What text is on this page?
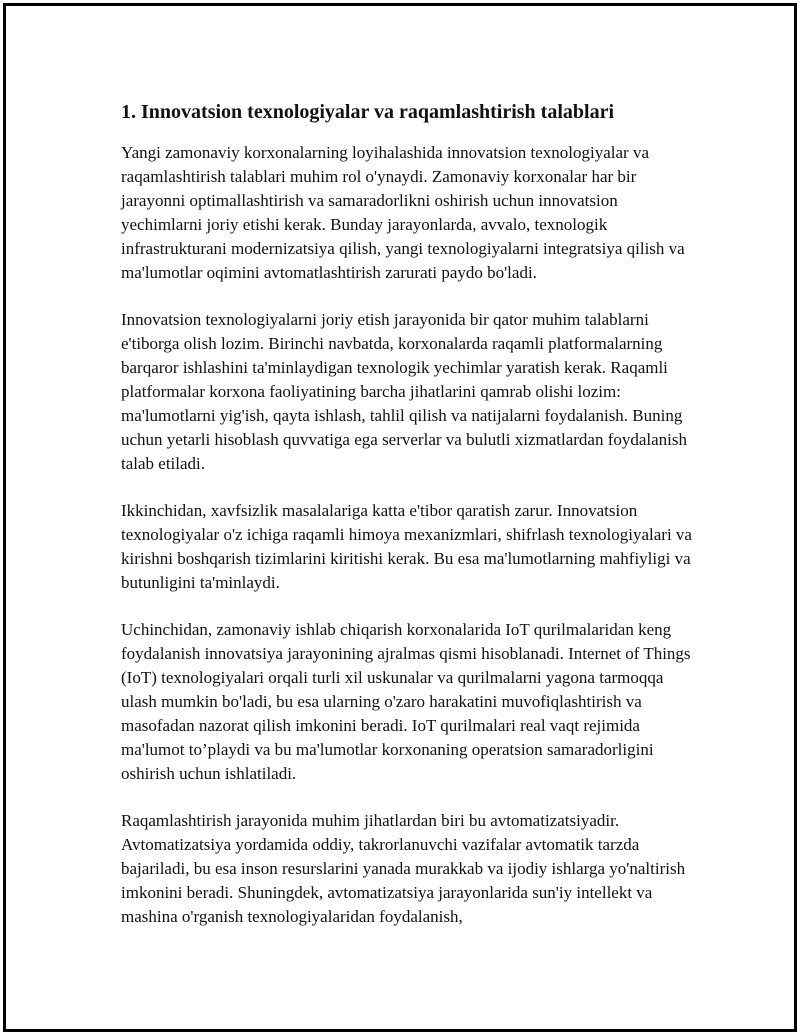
1. Innovatsion texnologiyalar va raqamlashtirish talablari

Yangi zamonaviy korxonalarning loyihalashida innovatsion texnologiyalar va raqamlashtirish talablari muhim rol o'ynaydi. Zamonaviy korxonalar har bir jarayonni optimallashtirish va samaradorlikni oshirish uchun innovatsion yechimlarni joriy etishi kerak. Bunday jarayonlarda, avvalo, texnologik infrastrukturani modernizatsiya qilish, yangi texnologiyalarni integratsiya qilish va ma'lumotlar oqimini avtomatlashtirish zarurati paydo bo'ladi.

Innovatsion texnologiyalarni joriy etish jarayonida bir qator muhim talablarni e'tiborga olish lozim. Birinchi navbatda, korxonalarda raqamli platformalarning barqaror ishlashini ta'minlaydigan texnologik yechimlar yaratish kerak. Raqamli platformalar korxona faoliyatining barcha jihatlarini qamrab olishi lozim: ma'lumotlarni yig'ish, qayta ishlash, tahlil qilish va natijalarni foydalanish. Buning uchun yetarli hisoblash quvvatiga ega serverlar va bulutli xizmatlardan foydalanish talab etiladi.

Ikkinchidan, xavfsizlik masalalariga katta e'tibor qaratish zarur. Innovatsion texnologiyalar o'z ichiga raqamli himoya mexanizmlari, shifrlash texnologiyalari va kirishni boshqarish tizimlarini kiritishi kerak. Bu esa ma'lumotlarning mahfiyligi va butunligini ta'minlaydi.

Uchinchidan, zamonaviy ishlab chiqarish korxonalarida IoT qurilmalaridan keng foydalanish innovatsiya jarayonining ajralmas qismi hisoblanadi. Internet of Things (IoT) texnologiyalari orqali turli xil uskunalar va qurilmalarni yagona tarmoqqa ulash mumkin bo'ladi, bu esa ularning o'zaro harakatini muvofiqlashtirish va masofadan nazorat qilish imkonini beradi. IoT qurilmalari real vaqt rejimida ma'lumot to’playdi va bu ma'lumotlar korxonaning operatsion samaradorligini oshirish uchun ishlatiladi.

Raqamlashtirish jarayonida muhim jihatlardan biri bu avtomatizatsiyadir. Avtomatizatsiya yordamida oddiy, takrorlanuvchi vazifalar avtomatik tarzda bajariladi, bu esa inson resurslarini yanada murakkab va ijodiy ishlarga yo'naltirish imkonini beradi. Shuningdek, avtomatizatsiya jarayonlarida sun'iy intellekt va mashina o'rganish texnologiyalaridan foydalanish,
